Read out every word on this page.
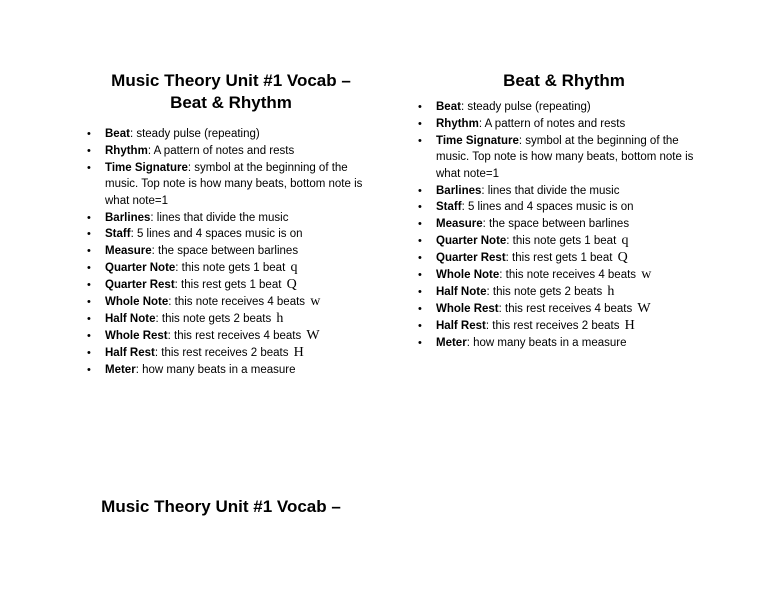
Music Theory Unit #1 Vocab –
Beat & Rhythm
• Beat: steady pulse (repeating)
• Rhythm: A pattern of notes and rests
• Time Signature: symbol at the beginning of the music. Top note is how many beats, bottom note is what note=1
• Barlines: lines that divide the music
• Staff: 5 lines and 4 spaces music is on
• Measure: the space between barlines
• Quarter Note: this note gets 1 beat q
• Quarter Rest: this rest gets 1 beat Q
• Whole Note: this note receives 4 beats w
• Half Note: this note gets 2 beats h
• Whole Rest: this rest receives 4 beats W
• Half Rest: this rest receives 2 beats H
• Meter: how many beats in a measure
Beat & Rhythm
• Beat: steady pulse (repeating)
• Rhythm: A pattern of notes and rests
• Time Signature: symbol at the beginning of the music. Top note is how many beats, bottom note is what note=1
• Barlines: lines that divide the music
• Staff: 5 lines and 4 spaces music is on
• Measure: the space between barlines
• Quarter Note: this note gets 1 beat q
• Quarter Rest: this rest gets 1 beat Q
• Whole Note: this note receives 4 beats w
• Half Note: this note gets 2 beats h
• Whole Rest: this rest receives 4 beats W
• Half Rest: this rest receives 2 beats H
• Meter: how many beats in a measure
Music Theory Unit #1 Vocab –
